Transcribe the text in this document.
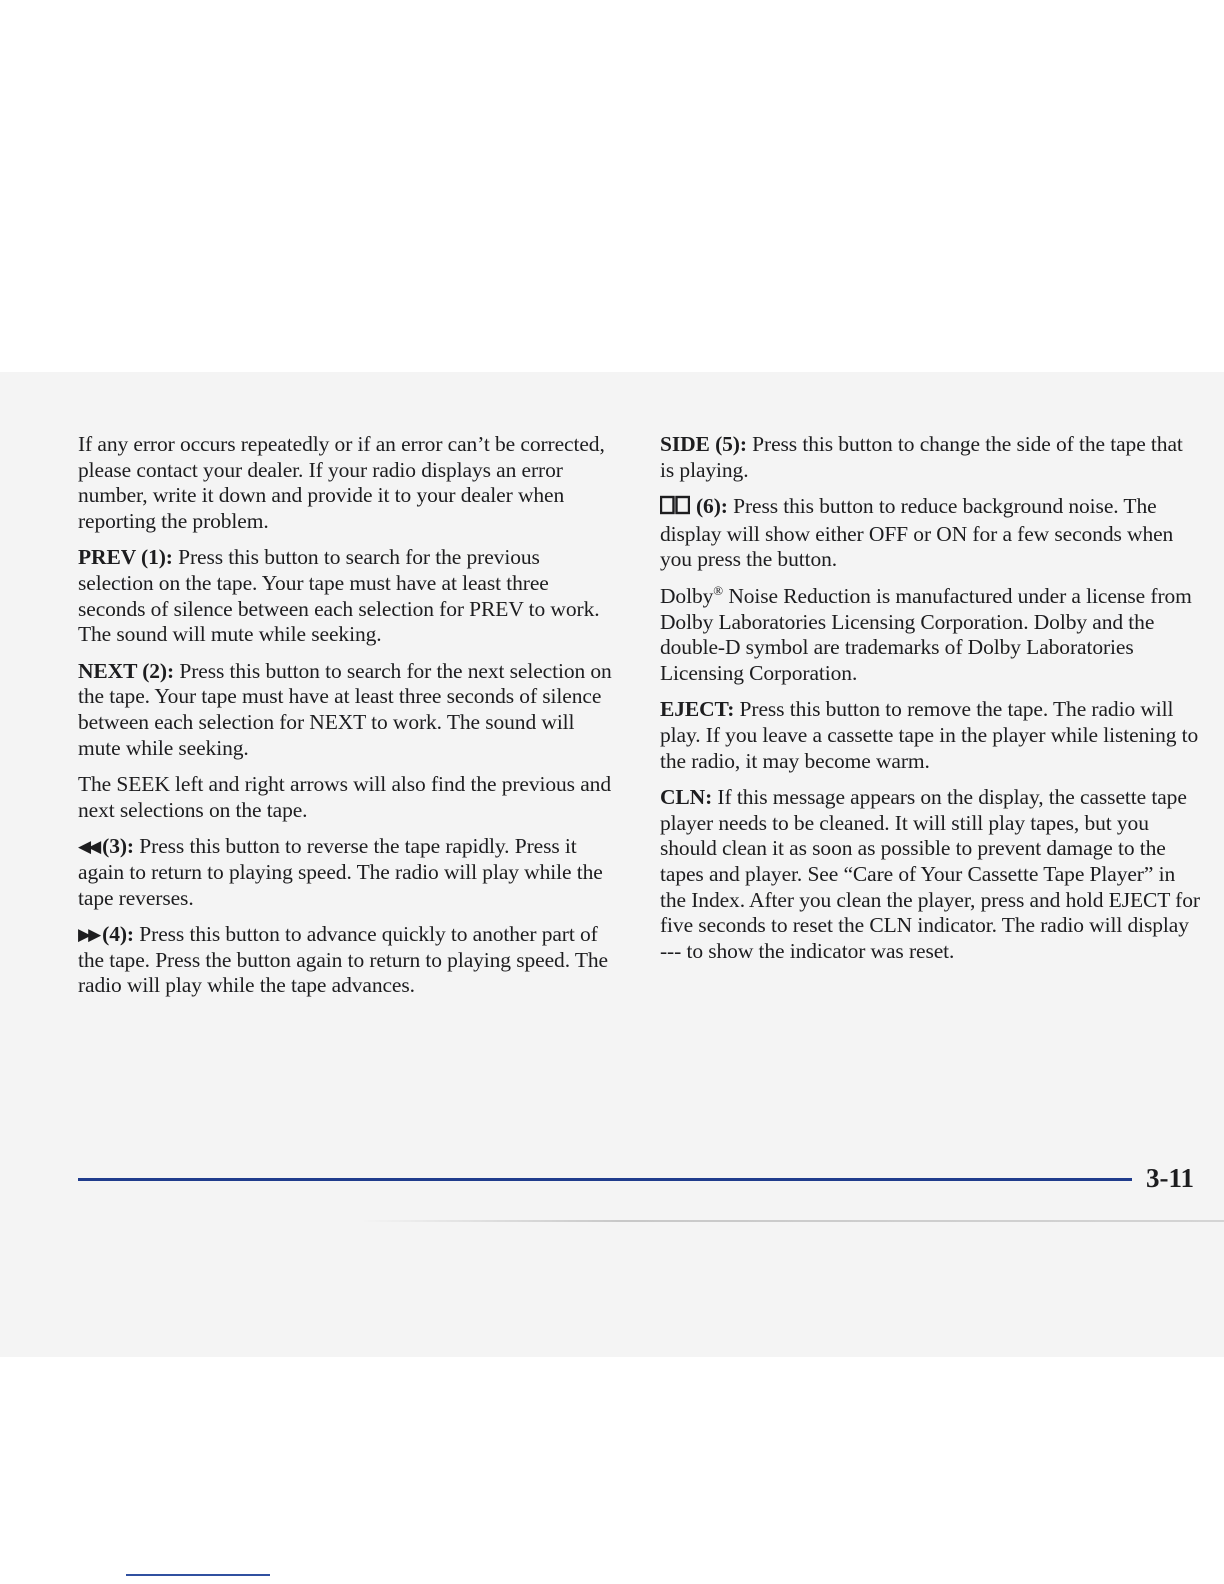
If any error occurs repeatedly or if an error can’t be corrected, please contact your dealer. If your radio displays an error number, write it down and provide it to your dealer when reporting the problem.

PREV (1): Press this button to search for the previous selection on the tape. Your tape must have at least three seconds of silence between each selection for PREV to work. The sound will mute while seeking.

NEXT (2): Press this button to search for the next selection on the tape. Your tape must have at least three seconds of silence between each selection for NEXT to work. The sound will mute while seeking.

The SEEK left and right arrows will also find the previous and next selections on the tape.

◀◀ (3): Press this button to reverse the tape rapidly. Press it again to return to playing speed. The radio will play while the tape reverses.

▶▶ (4): Press this button to advance quickly to another part of the tape. Press the button again to return to playing speed. The radio will play while the tape advances.

SIDE (5): Press this button to change the side of the tape that is playing.

(6): Press this button to reduce background noise. The display will show either OFF or ON for a few seconds when you press the button.

Dolby® Noise Reduction is manufactured under a license from Dolby Laboratories Licensing Corporation. Dolby and the double-D symbol are trademarks of Dolby Laboratories Licensing Corporation.

EJECT: Press this button to remove the tape. The radio will play. If you leave a cassette tape in the player while listening to the radio, it may become warm.

CLN: If this message appears on the display, the cassette tape player needs to be cleaned. It will still play tapes, but you should clean it as soon as possible to prevent damage to the tapes and player. See “Care of Your Cassette Tape Player” in the Index. After you clean the player, press and hold EJECT for five seconds to reset the CLN indicator. The radio will display --- to show the indicator was reset.

3-11
